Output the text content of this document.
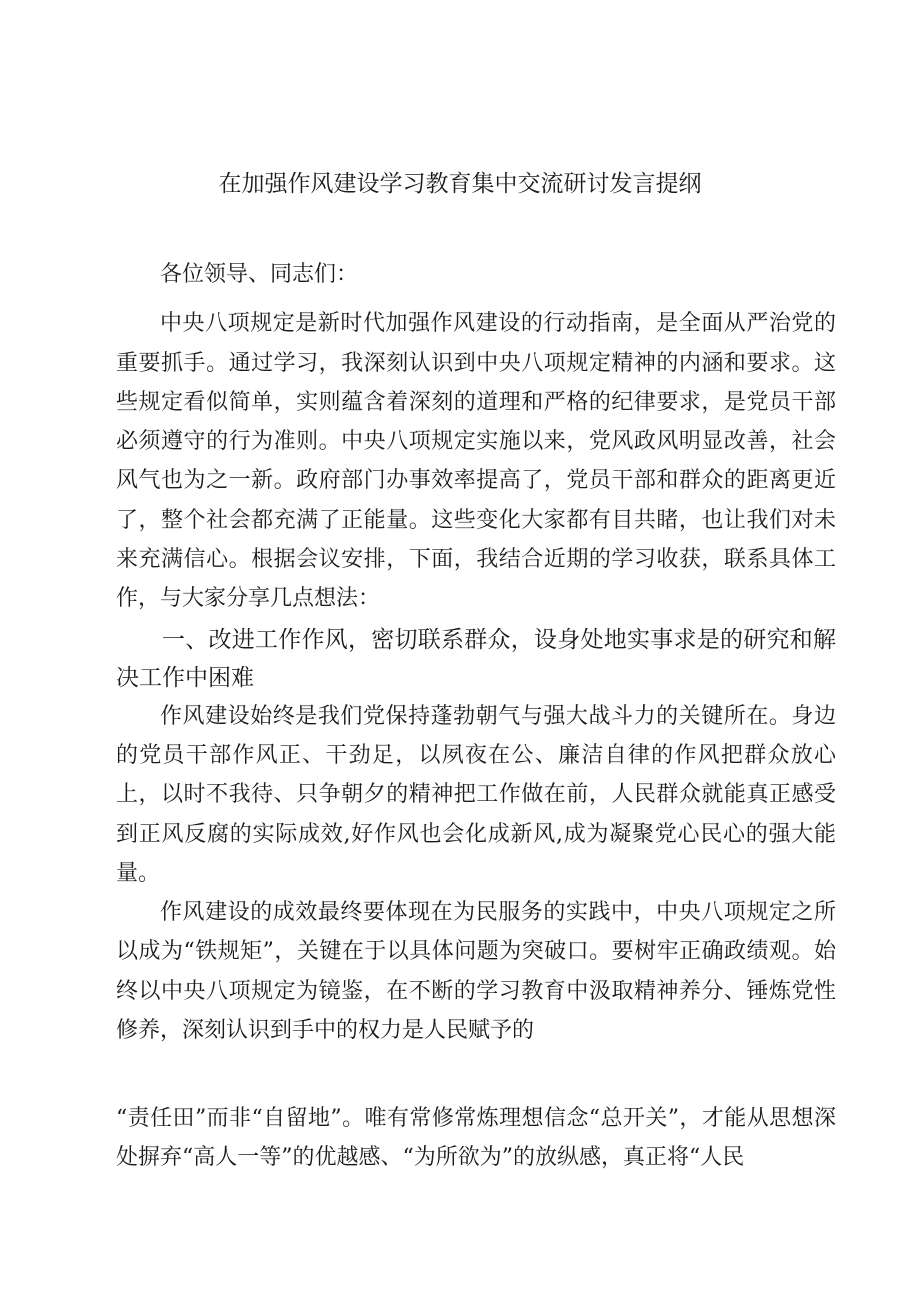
在加强作风建设学习教育集中交流研讨发言提纲

各位领导、同志们：

中央八项规定是新时代加强作风建设的行动指南，是全面从严治党的重要抓手。通过学习，我深刻认识到中央八项规定精神的内涵和要求。这些规定看似简单，实则蕴含着深刻的道理和严格的纪律要求，是党员干部必须遵守的行为准则。中央八项规定实施以来，党风政风明显改善，社会风气也为之一新。政府部门办事效率提高了，党员干部和群众的距离更近了，整个社会都充满了正能量。这些变化大家都有目共睹，也让我们对未来充满信心。根据会议安排，下面，我结合近期的学习收获，联系具体工作，与大家分享几点想法：

一、改进工作作风，密切联系群众，设身处地实事求是的研究和解决工作中困难

作风建设始终是我们党保持蓬勃朝气与强大战斗力的关键所在。身边的党员干部作风正、干劲足，以夙夜在公、廉洁自律的作风把群众放心上，以时不我待、只争朝夕的精神把工作做在前，人民群众就能真正感受到正风反腐的实际成效,好作风也会化成新风,成为凝聚党心民心的强大能量。

作风建设的成效最终要体现在为民服务的实践中，中央八项规定之所以成为“铁规矩”，关键在于以具体问题为突破口。要树牢正确政绩观。始终以中央八项规定为镜鉴，在不断的学习教育中汲取精神养分、锤炼党性修养，深刻认识到手中的权力是人民赋予的

“责任田”而非“自留地”。唯有常修常炼理想信念“总开关”，才能从思想深处摒弃“高人一等”的优越感、“为所欲为”的放纵感，真正将“人民
